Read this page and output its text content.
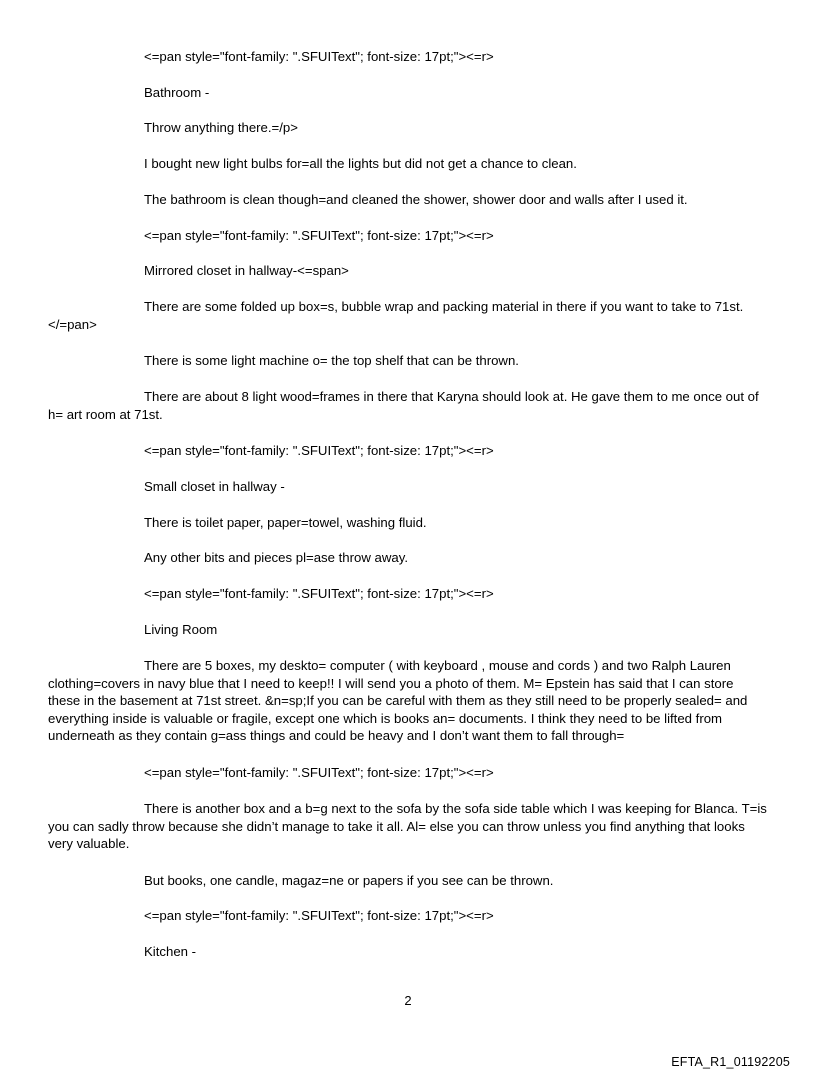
<=pan style="font-family: ".SFUIText"; font-size: 17pt;"><=r>

Bathroom -

Throw anything there.=/p>

I bought new light bulbs for=all the lights but did not get a chance to clean.

The bathroom is clean though=and cleaned the shower, shower door and walls after I used it.

<=pan style="font-family: ".SFUIText"; font-size: 17pt;"><=r>

Mirrored closet in hallway-<=span>

There are some folded up box=s, bubble wrap and packing material in there if you want to take to 71st.</=pan>

There is some light machine o= the top shelf that can be thrown.

There are about 8 light wood=frames in there that Karyna should look at. He gave them to me once out of h= art room at 71st.

<=pan style="font-family: ".SFUIText"; font-size: 17pt;"><=r>

Small closet in hallway -

There is toilet paper, paper=towel, washing fluid.

Any other bits and pieces pl=ase throw away.

<=pan style="font-family: ".SFUIText"; font-size: 17pt;"><=r>

Living Room

There are 5 boxes, my deskto= computer ( with keyboard , mouse and cords ) and two Ralph Lauren clothing=covers in navy blue that I need to keep!! I will send you a photo of them. M= Epstein has said that I can store these in the basement at 71st street. &n=sp;If you can be careful with them as they still need to be properly sealed= and everything inside is valuable or fragile, except one which is books an= documents. I think they need to be lifted from underneath as they contain g=ass things and could be heavy and I don’t want them to fall through=

<=pan style="font-family: ".SFUIText"; font-size: 17pt;"><=r>

There is another box and a b=g next to the sofa by the sofa side table which I was keeping for Blanca. T=is you can sadly throw because she didn’t manage to take it all. Al= else you can throw unless you find anything that looks very valuable.

But books, one candle, magaz=ne or papers if you see can be thrown.

<=pan style="font-family: ".SFUIText"; font-size: 17pt;"><=r>

Kitchen -

2
EFTA_R1_01192205
